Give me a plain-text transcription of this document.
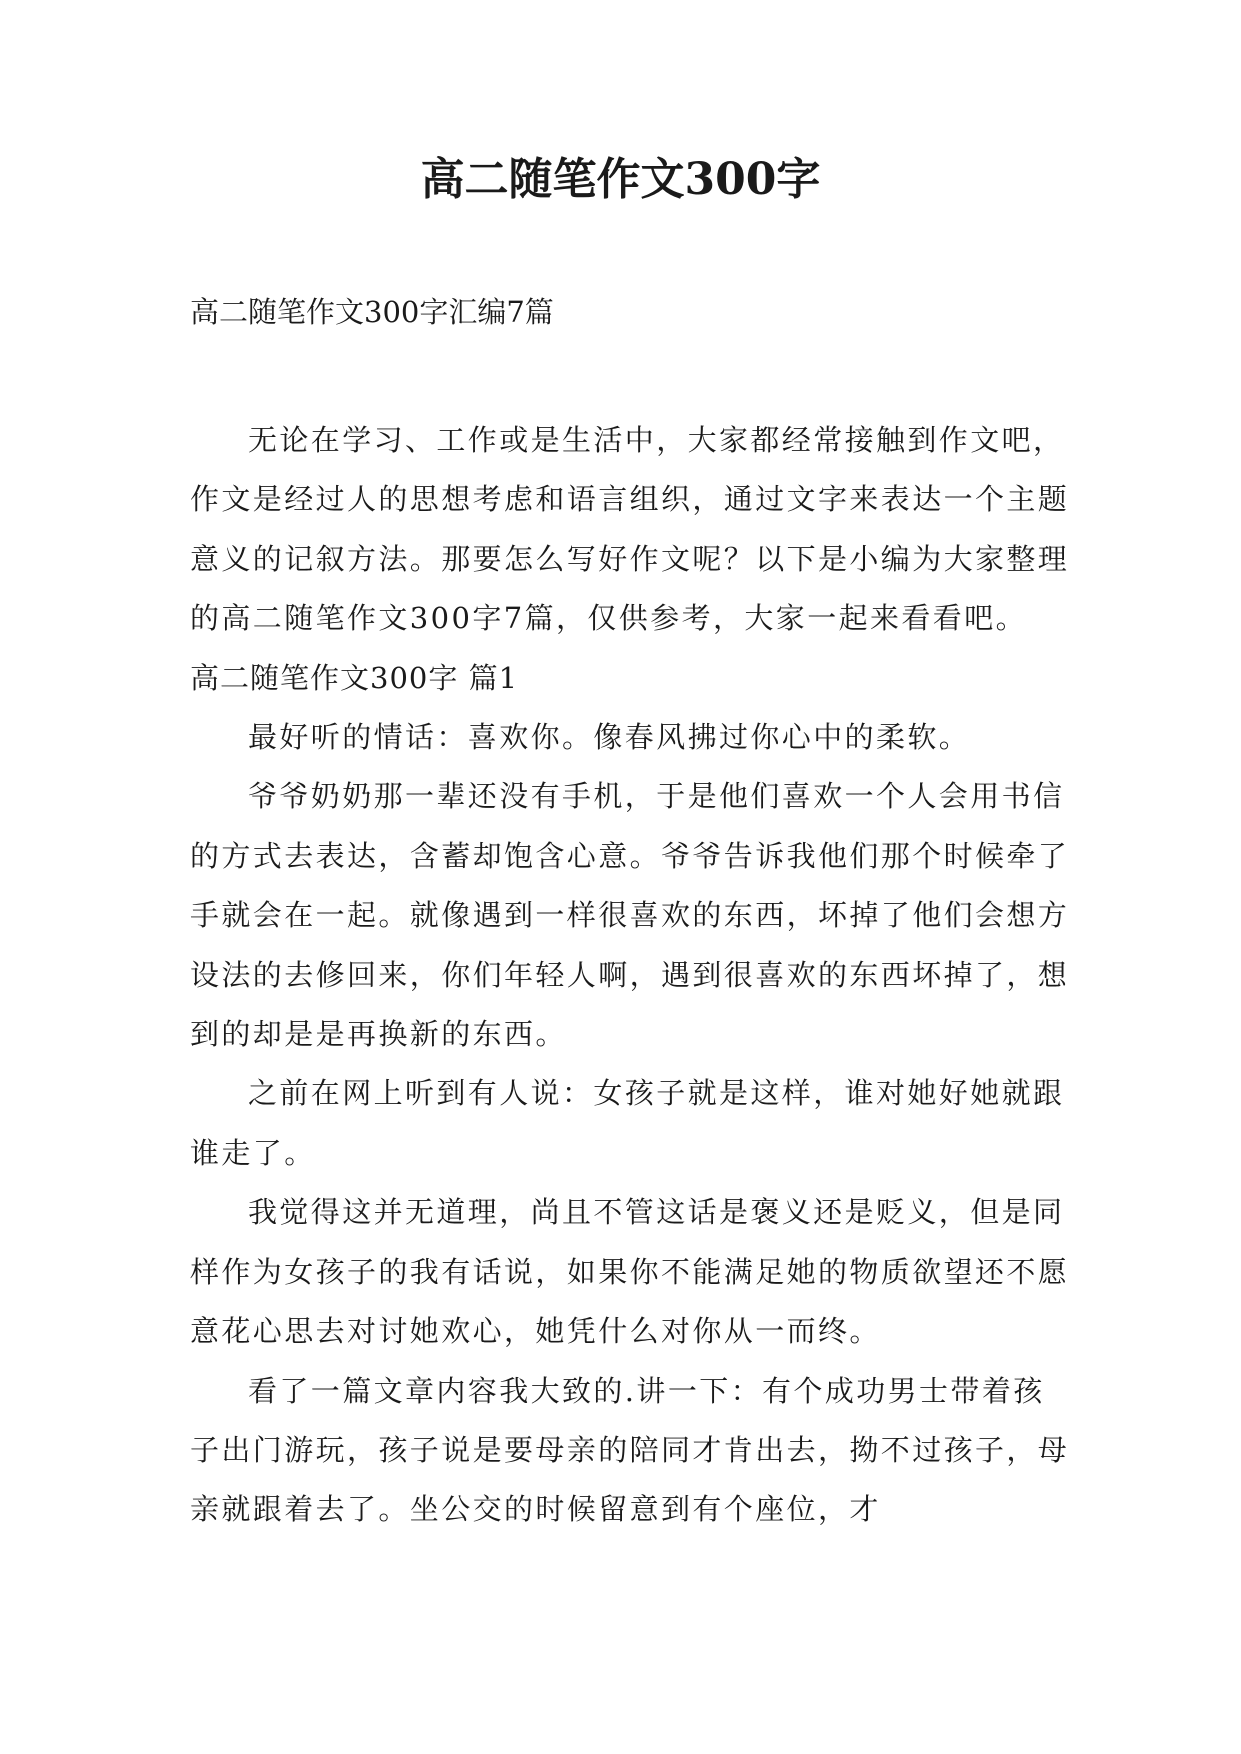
高二随笔作文300字

高二随笔作文300字汇编7篇

无论在学习、工作或是生活中，大家都经常接触到作文吧，作文是经过人的思想考虑和语言组织，通过文字来表达一个主题意义的记叙方法。那要怎么写好作文呢？以下是小编为大家整理的高二随笔作文300字7篇，仅供参考，大家一起来看看吧。

高二随笔作文300字 篇1

最好听的情话：喜欢你。像春风拂过你心中的柔软。

爷爷奶奶那一辈还没有手机，于是他们喜欢一个人会用书信的方式去表达，含蓄却饱含心意。爷爷告诉我他们那个时候牵了手就会在一起。就像遇到一样很喜欢的东西，坏掉了他们会想方设法的去修回来，你们年轻人啊，遇到很喜欢的东西坏掉了，想到的却是是再换新的东西。

之前在网上听到有人说：女孩子就是这样，谁对她好她就跟谁走了。

我觉得这并无道理，尚且不管这话是褒义还是贬义，但是同样作为女孩子的我有话说，如果你不能满足她的物质欲望还不愿意花心思去对讨她欢心，她凭什么对你从一而终。

看了一篇文章内容我大致的.讲一下：有个成功男士带着孩子出门游玩，孩子说是要母亲的陪同才肯出去，拗不过孩子，母亲就跟着去了。坐公交的时候留意到有个座位，才
